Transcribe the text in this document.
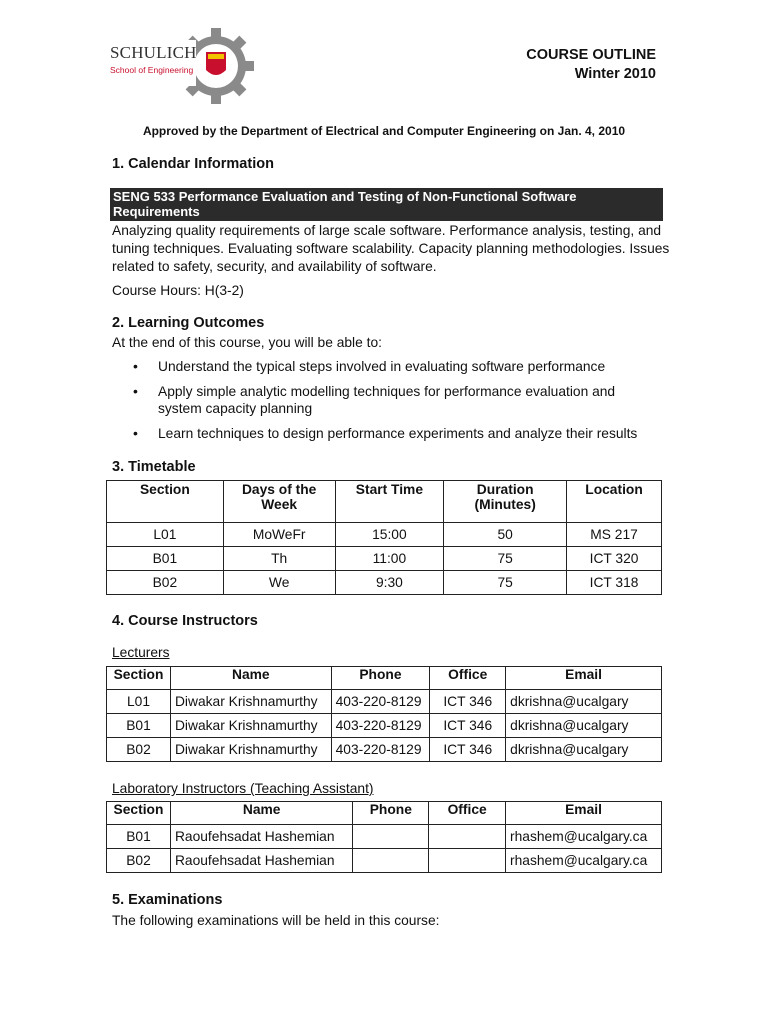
SCHULICH
School of Engineering
COURSE OUTLINE
Winter 2010
Approved by the Department of Electrical and Computer Engineering on Jan. 4, 2010
1. Calendar Information
SENG 533 Performance Evaluation and Testing of Non-Functional Software Requirements
Analyzing quality requirements of large scale software. Performance analysis, testing, and tuning techniques. Evaluating software scalability. Capacity planning methodologies. Issues related to safety, security, and availability of software.
Course Hours: H(3-2)
2. Learning Outcomes
At the end of this course, you will be able to:
• Understand the typical steps involved in evaluating software performance
• Apply simple analytic modelling techniques for performance evaluation and system capacity planning
• Learn techniques to design performance experiments and analyze their results
3. Timetable
Section	Days of the Week	Start Time	Duration (Minutes)	Location
L01	MoWeFr	15:00	50	MS 217
B01	Th	11:00	75	ICT 320
B02	We	9:30	75	ICT 318
4. Course Instructors
Lecturers
Section	Name	Phone	Office	Email
L01	Diwakar Krishnamurthy	403-220-8129	ICT 346	dkrishna@ucalgary
B01	Diwakar Krishnamurthy	403-220-8129	ICT 346	dkrishna@ucalgary
B02	Diwakar Krishnamurthy	403-220-8129	ICT 346	dkrishna@ucalgary
Laboratory Instructors (Teaching Assistant)
Section	Name	Phone	Office	Email
B01	Raoufehsadat Hashemian			rhashem@ucalgary.ca
B02	Raoufehsadat Hashemian			rhashem@ucalgary.ca
5. Examinations
The following examinations will be held in this course:
